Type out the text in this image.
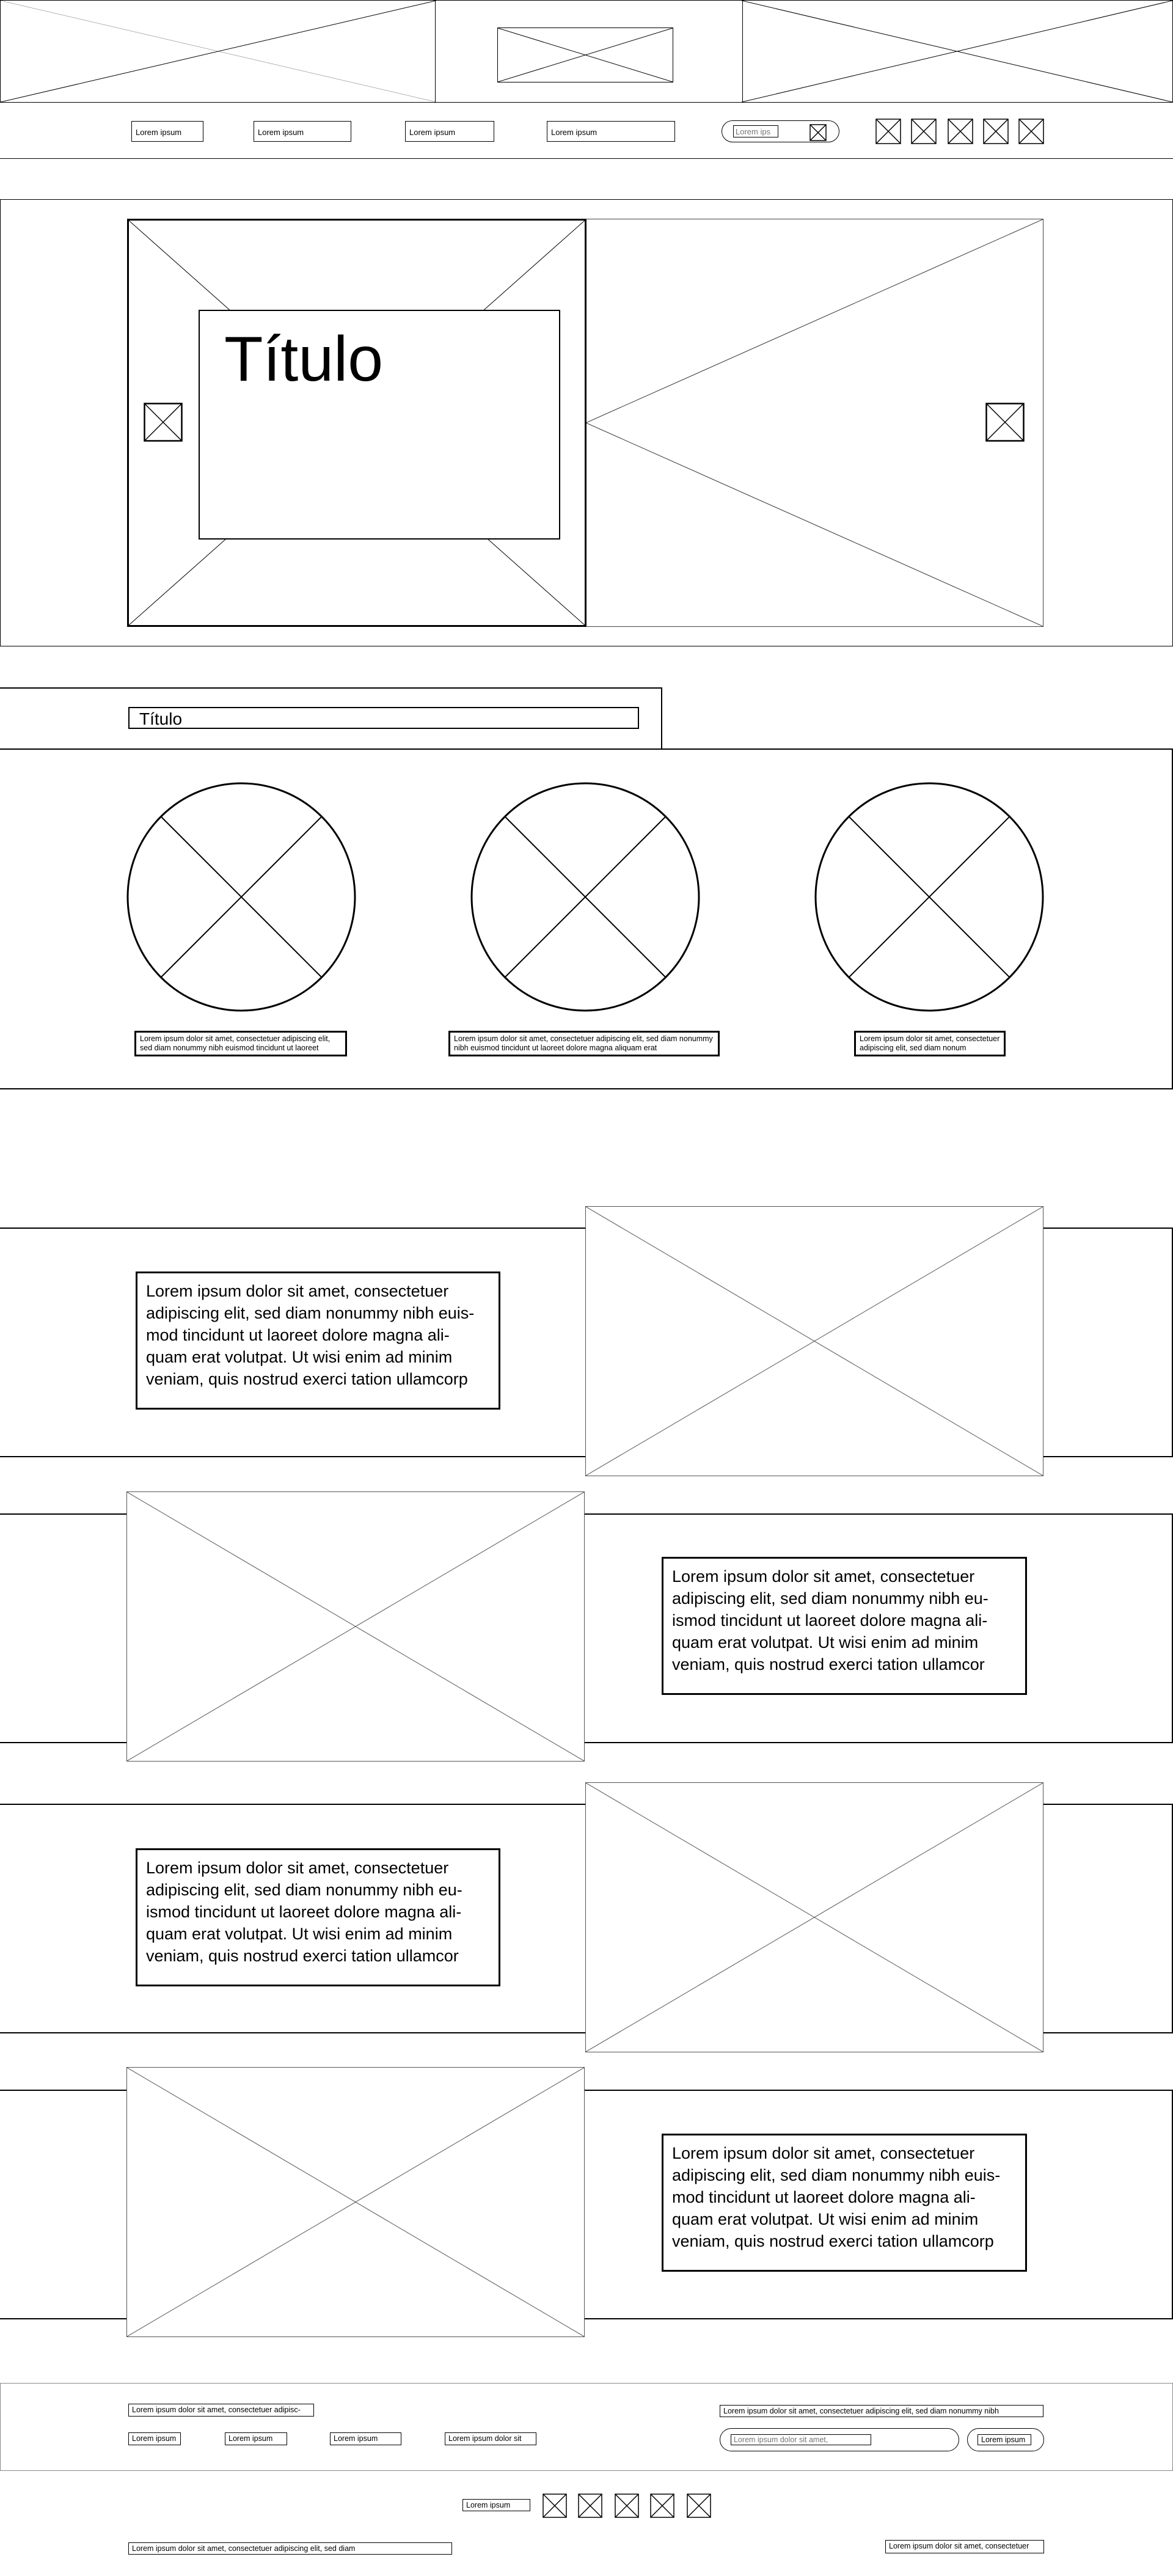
Lorem ipsum	Lorem ipsum	Lorem ipsum	Lorem ipsum
Lorem ips
Título
Título
Lorem ipsum dolor sit amet, consectetuer adipiscing elit, sed diam nonummy nibh euismod tincidunt ut laoreet
Lorem ipsum dolor sit amet, consectetuer adipiscing elit, sed diam nonummy nibh euismod tincidunt ut laoreet dolore magna aliquam erat
Lorem ipsum dolor sit amet, consectetuer adipiscing elit, sed diam nonum
Lorem ipsum dolor sit amet, consectetuer adipiscing elit, sed diam nonummy nibh euis-mod tincidunt ut laoreet dolore magna ali-quam erat volutpat. Ut wisi enim ad minim veniam, quis nostrud exerci tation ullamcorp
Lorem ipsum dolor sit amet, consectetuer adipiscing elit, sed diam nonummy nibh eu-ismod tincidunt ut laoreet dolore magna ali-quam erat volutpat. Ut wisi enim ad minim veniam, quis nostrud exerci tation ullamcor
Lorem ipsum dolor sit amet, consectetuer adipiscing elit, sed diam nonummy nibh eu-ismod tincidunt ut laoreet dolore magna ali-quam erat volutpat. Ut wisi enim ad minim veniam, quis nostrud exerci tation ullamcor
Lorem ipsum dolor sit amet, consectetuer adipiscing elit, sed diam nonummy nibh euis-mod tincidunt ut laoreet dolore magna ali-quam erat volutpat. Ut wisi enim ad minim veniam, quis nostrud exerci tation ullamcorp
Lorem ipsum dolor sit amet, consectetuer adipisc-
Lorem ipsum	Lorem ipsum	Lorem ipsum	Lorem ipsum dolor sit
Lorem ipsum dolor sit amet, consectetuer adipiscing elit, sed diam nonummy nibh
Lorem ipsum dolor sit amet,
Lorem ipsum
Lorem ipsum
Lorem ipsum dolor sit amet, consectetuer adipiscing elit, sed diam	Lorem ipsum dolor sit amet, consectetuer
